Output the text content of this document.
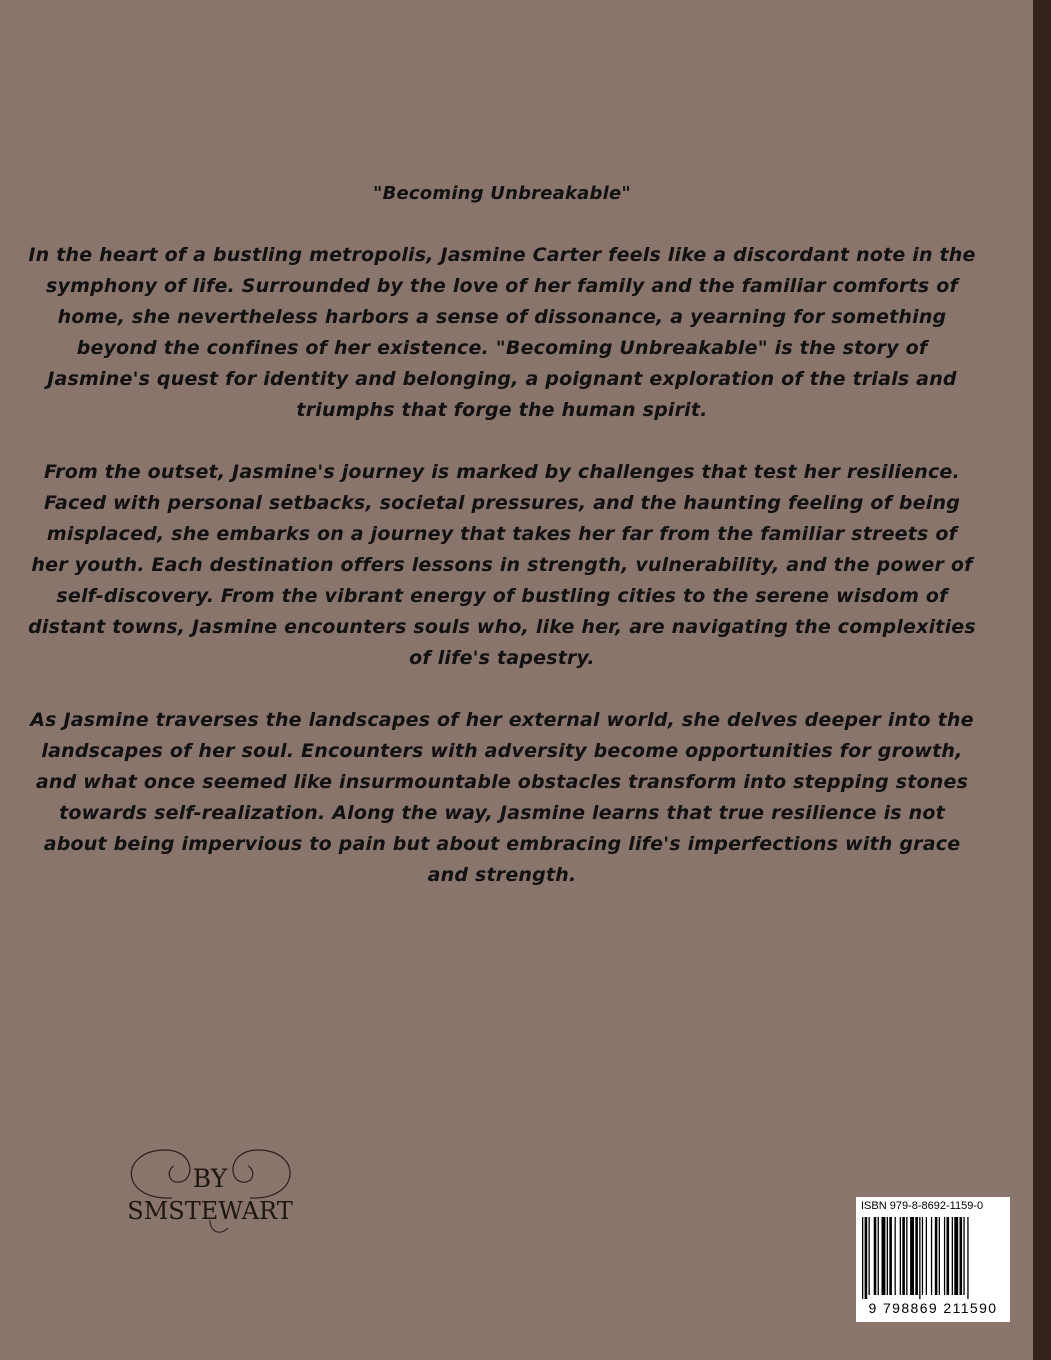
"Becoming Unbreakable"

In the heart of a bustling metropolis, Jasmine Carter feels like a discordant note in the symphony of life. Surrounded by the love of her family and the familiar comforts of home, she nevertheless harbors a sense of dissonance, a yearning for something beyond the confines of her existence. "Becoming Unbreakable" is the story of Jasmine's quest for identity and belonging, a poignant exploration of the trials and triumphs that forge the human spirit.

From the outset, Jasmine's journey is marked by challenges that test her resilience. Faced with personal setbacks, societal pressures, and the haunting feeling of being misplaced, she embarks on a journey that takes her far from the familiar streets of her youth. Each destination offers lessons in strength, vulnerability, and the power of self-discovery. From the vibrant energy of bustling cities to the serene wisdom of distant towns, Jasmine encounters souls who, like her, are navigating the complexities of life's tapestry.

As Jasmine traverses the landscapes of her external world, she delves deeper into the landscapes of her soul. Encounters with adversity become opportunities for growth, and what once seemed like insurmountable obstacles transform into stepping stones towards self-realization. Along the way, Jasmine learns that true resilience is not about being impervious to pain but about embracing life's imperfections with grace and strength.

BY
SMSTEWART	ISBN 979-8-8692-1159-0
9 798869 211590
